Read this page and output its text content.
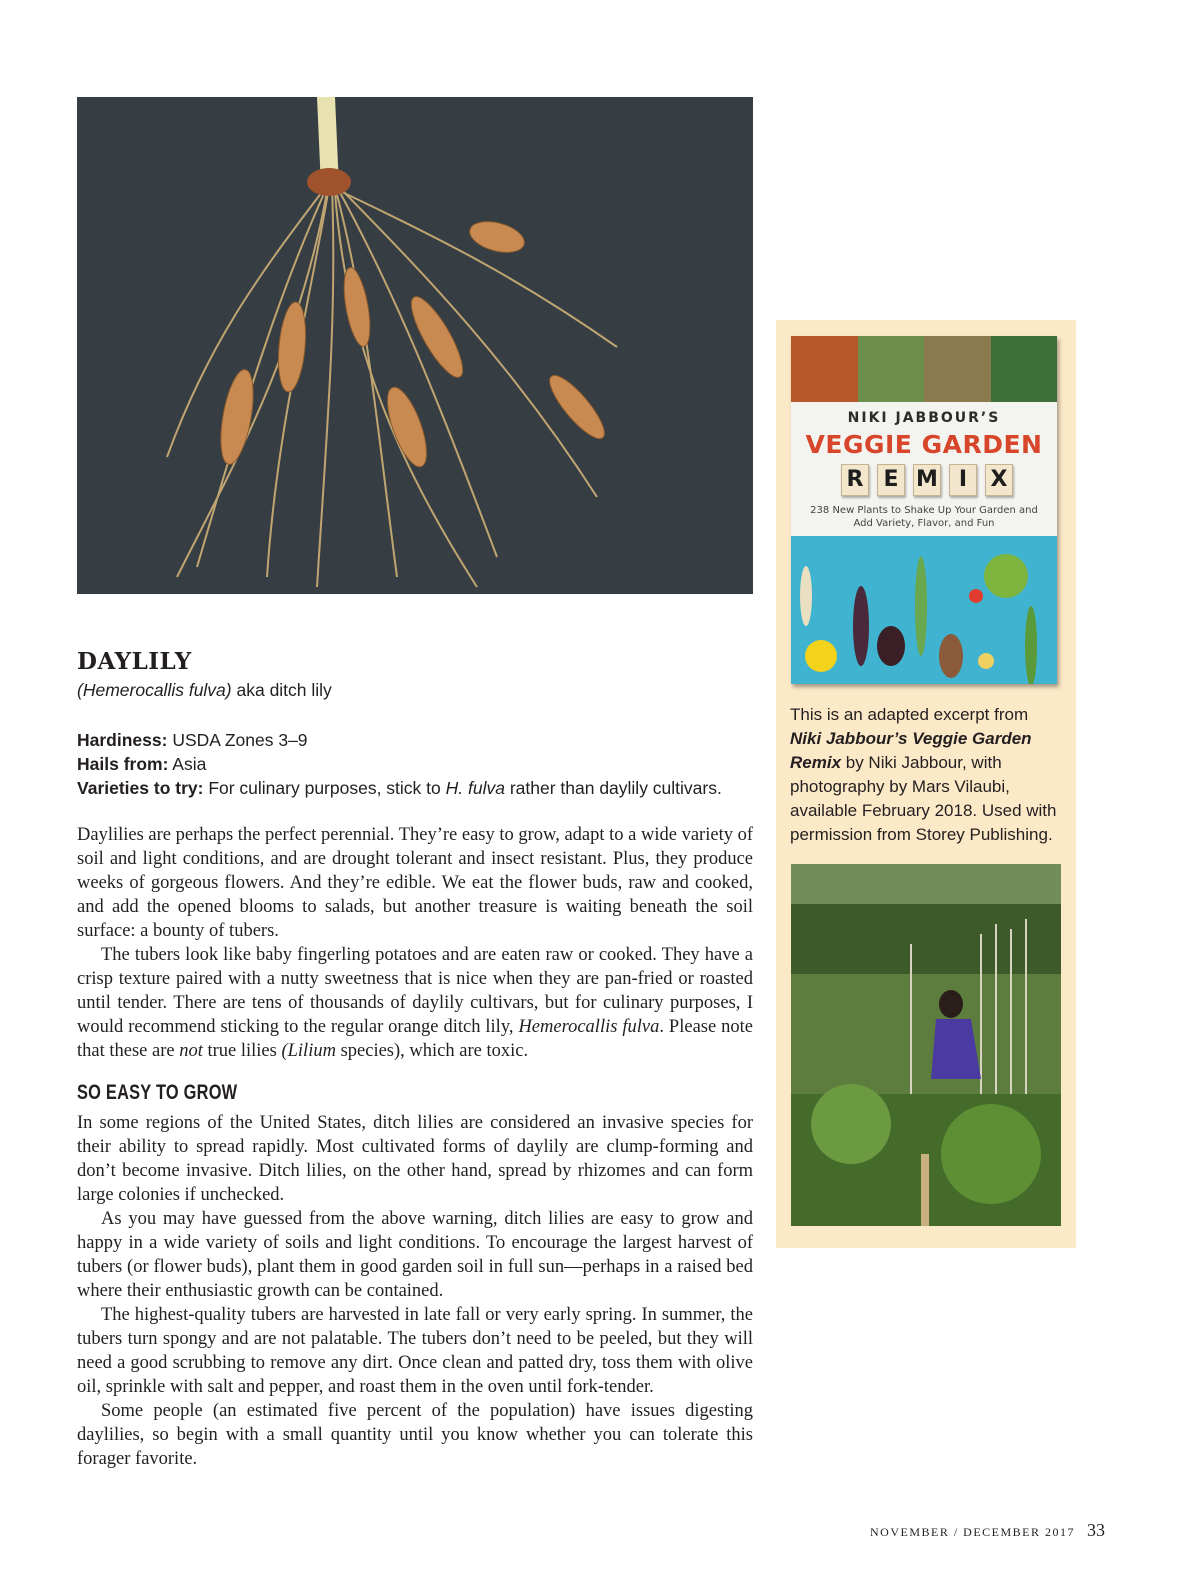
NIKI JABBOUR’S
VEGGIE GARDEN
R E M I	X
238 New Plants to Shake Up Your Garden and Add Variety, Flavor, and Fun
This is an adapted excerpt from Niki Jabbour’s Veggie Garden Remix by Niki Jabbour, with photography by Mars Vilaubi, available February 2018. Used with permission from Storey Publishing.
DAYLILY
(Hemerocallis fulva) aka ditch lily
Hardiness: USDA Zones 3–9
Hails from: Asia
Varieties to try: For culinary purposes, stick to H. fulva rather than daylily cultivars.

Daylilies are perhaps the perfect perennial. They’re easy to grow, adapt to a wide variety of soil and light conditions, and are drought tolerant and insect resistant. Plus, they produce weeks of gorgeous flowers. And they’re edible. We eat the flower buds, raw and cooked, and add the opened blooms to salads, but another treasure is waiting beneath the soil surface: a bounty of tubers.

The tubers look like baby fingerling potatoes and are eaten raw or cooked. They have a crisp texture paired with a nutty sweetness that is nice when they are pan-fried or roasted until tender. There are tens of thousands of daylily cultivars, but for culinary purposes, I would recommend sticking to the regular orange ditch lily, Hemerocallis fulva. Please note that these are not true lilies (Lilium species), which are toxic.

SO EASY TO GROW

In some regions of the United States, ditch lilies are considered an invasive species for their ability to spread rapidly. Most cultivated forms of daylily are clump-forming and don’t become invasive. Ditch lilies, on the other hand, spread by rhizomes and can form large colonies if unchecked.

As you may have guessed from the above warning, ditch lilies are easy to grow and happy in a wide variety of soils and light conditions. To encourage the largest harvest of tubers (or flower buds), plant them in good garden soil in full sun—perhaps in a raised bed where their enthusiastic growth can be contained.

The highest-quality tubers are harvested in late fall or very early spring. In summer, the tubers turn spongy and are not palatable. The tubers don’t need to be peeled, but they will need a good scrubbing to remove any dirt. Once clean and patted dry, toss them with olive oil, sprinkle with salt and pepper, and roast them in the oven until fork-tender.

Some people (an estimated five percent of the population) have issues digesting daylilies, so begin with a small quantity until you know whether you can tolerate this forager favorite.

NOVEMBER / DECEMBER 2017 33
